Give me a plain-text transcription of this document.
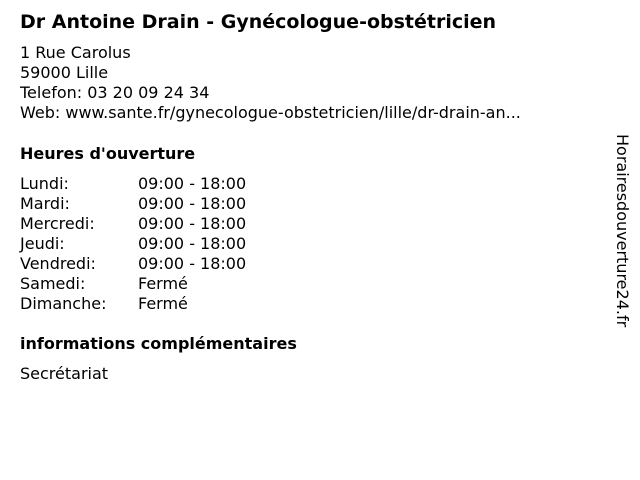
Dr Antoine Drain - Gynécologue-obstétricien
1 Rue Carolus
59000 Lille
Telefon: 03 20 09 24 34
Web: www.sante.fr/gynecologue-obstetricien/lille/dr-drain-an...
Heures d'ouverture
Lundi:	09:00 - 18:00
Mardi:	09:00 - 18:00
Mercredi:	09:00 - 18:00
Jeudi:	09:00 - 18:00
Vendredi:	09:00 - 18:00
Samedi:	Fermé
Dimanche: Fermé
informations complémentaires
Secrétariat
Horairesdouverture24.fr
